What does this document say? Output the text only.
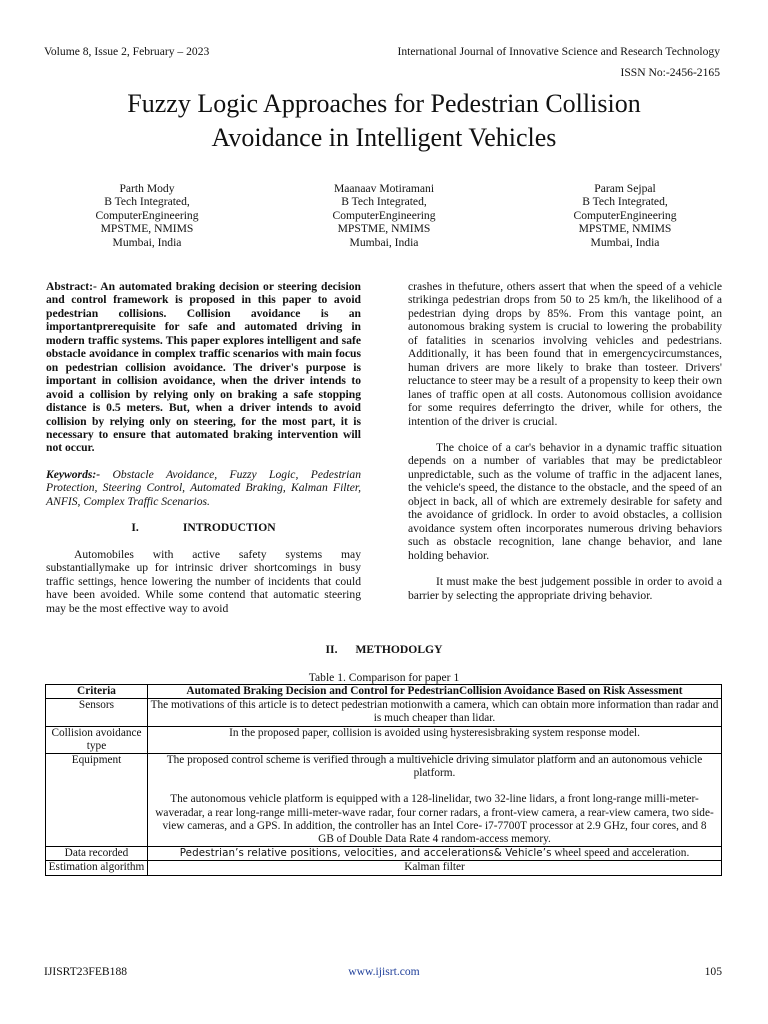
Volume 8, Issue 2, February – 2023	International Journal of Innovative Science and Research Technology
ISSN No:-2456-2165
Fuzzy Logic Approaches for Pedestrian Collision
Avoidance in Intelligent Vehicles
Parth Mody
B Tech Integrated,
ComputerEngineering
MPSTME, NMIMS
Mumbai, India
Maanaav Motiramani
B Tech Integrated,
ComputerEngineering
MPSTME, NMIMS
Mumbai, India
Param Sejpal
B Tech Integrated,
ComputerEngineering
MPSTME, NMIMS
Mumbai, India

Abstract:- An automated braking decision or steering decision and control framework is proposed in this paper to avoid pedestrian collisions. Collision avoidance is an importantprerequisite for safe and automated driving in modern traffic systems. This paper explores intelligent and safe obstacle avoidance in complex traffic scenarios with main focus on pedestrian collision avoidance. The driver's purpose is important in collision avoidance, when the driver intends to avoid a collision by relying only on braking a safe stopping distance is 0.5 meters. But, when a driver intends to avoid collision by relying only on steering, for the most part, it is necessary to ensure that automated braking intervention will not occur.

Keywords:- Obstacle Avoidance, Fuzzy Logic, Pedestrian Protection, Steering Control, Automated Braking, Kalman Filter, ANFIS, Complex Traffic Scenarios.

I.	INTRODUCTION

Automobiles with active safety systems may substantiallymake up for intrinsic driver shortcomings in busy traffic settings, hence lowering the number of incidents that could have been avoided. While some contend that automatic steering may be the most effective way to avoid

crashes in thefuture, others assert that when the speed of a vehicle strikinga pedestrian drops from 50 to 25 km/h, the likelihood of a pedestrian dying drops by 85%. From this vantage point, an autonomous braking system is crucial to lowering the probability of fatalities in scenarios involving vehicles and pedestrians. Additionally, it has been found that in emergencycircumstances, human drivers are more likely to brake than tosteer. Drivers' reluctance to steer may be a result of a propensity to keep their own lanes of traffic open at all costs. Autonomous collision avoidance for some requires deferringto the driver, while for others, the intention of the driver is crucial.

The choice of a car's behavior in a dynamic traffic situation depends on a number of variables that may be predictableor unpredictable, such as the volume of traffic in the adjacent lanes, the vehicle's speed, the distance to the obstacle, and the speed of an object in back, all of which are extremely desirable for safety and the avoidance of gridlock. In order to avoid obstacles, a collision avoidance system often incorporates numerous driving behaviors such as obstacle recognition, lane change behavior, and lane holding behavior.

It must make the best judgement possible in order to avoid a barrier by selecting the appropriate driving behavior.

II. METHODOLGY
Table 1. Comparison for paper 1
Criteria	Automated Braking Decision and Control for PedestrianCollision Avoidance Based on Risk Assessment
Sensors	The motivations of this article is to detect pedestrian motionwith a camera, which can obtain more information than radar and is much cheaper than lidar.
Collision avoidance type	In the proposed paper, collision is avoided using hysteresisbraking system response model.
Equipment	The proposed control scheme is verified through a multivehicle driving simulator platform and an autonomous vehicle platform.
The autonomous vehicle platform is equipped with a 128-linelidar, two 32-line lidars, a front long-range milli-meter-waveradar, a rear long-range milli-meter-wave radar, four corner radars, a front-view camera, a rear-view camera, two side- view cameras, and a GPS. In addition, the controller has an Intel Core- i7-7700T processor at 2.9 GHz, four cores, and 8
GB of Double Data Rate 4 random-access memory.

Data recorded	Pedestrian’s relative positions, velocities, and accelerations& Vehicle’s wheel speed and acceleration.
Estimation algorithm	Kalman filter
IJISRT23FEB188	www.ijisrt.com	105
